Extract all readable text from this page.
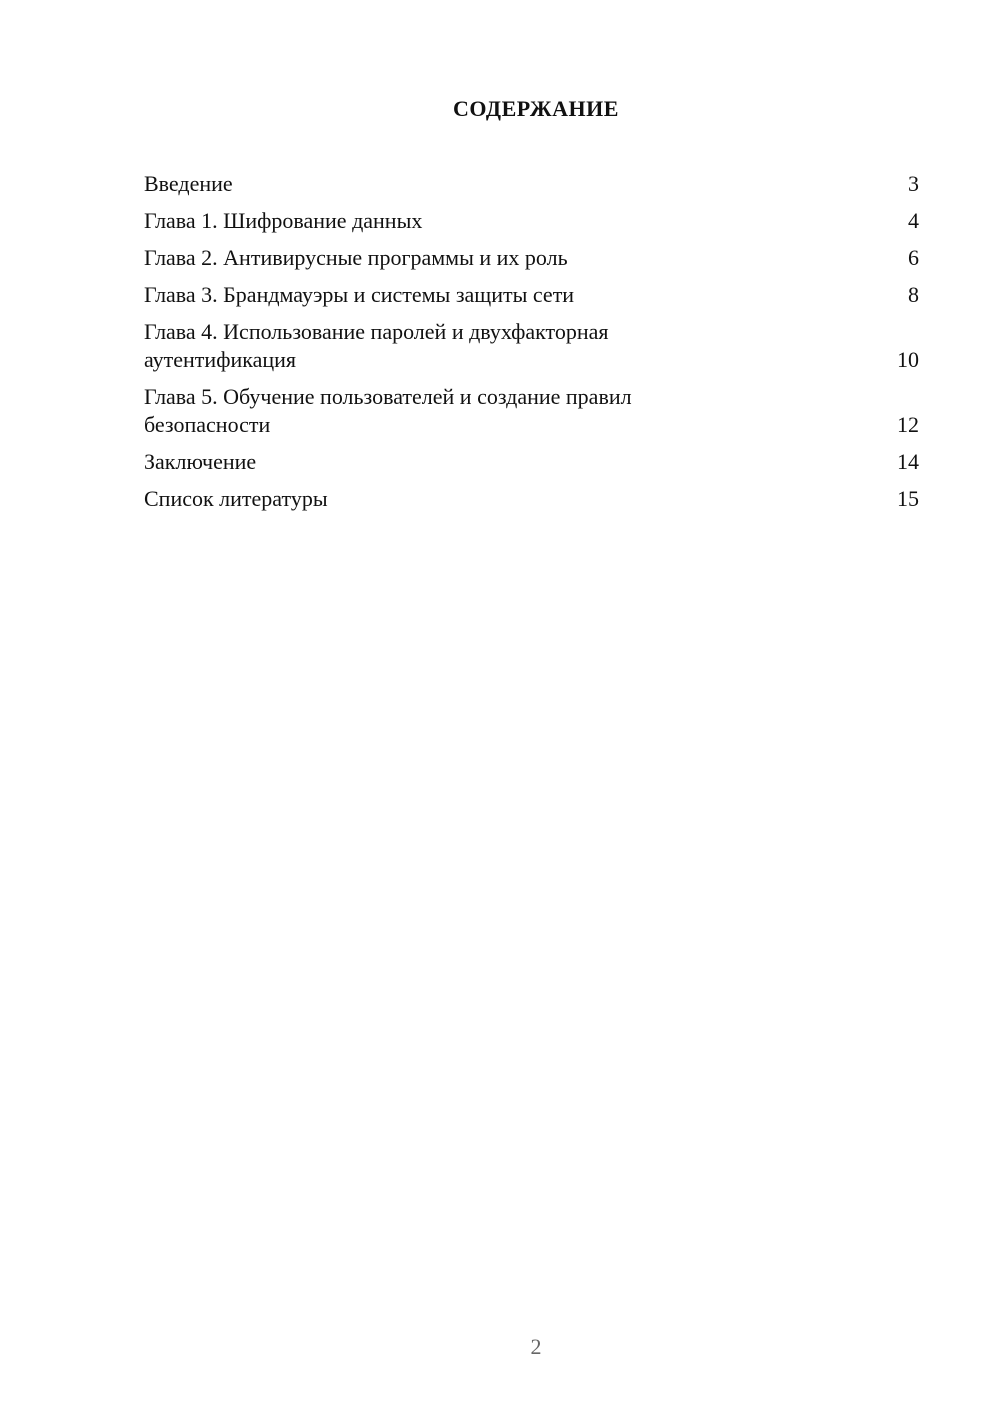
СОДЕРЖАНИЕ
Введение	3
Глава 1. Шифрование данных	4
Глава 2. Антивирусные программы и их роль	6
Глава 3. Брандмауэры и системы защиты сети	8
Глава 4. Использование паролей и двухфакторная
аутентификация	10
Глава 5. Обучение пользователей и создание правил
безопасности	12
Заключение	14
Список литературы	15
2
